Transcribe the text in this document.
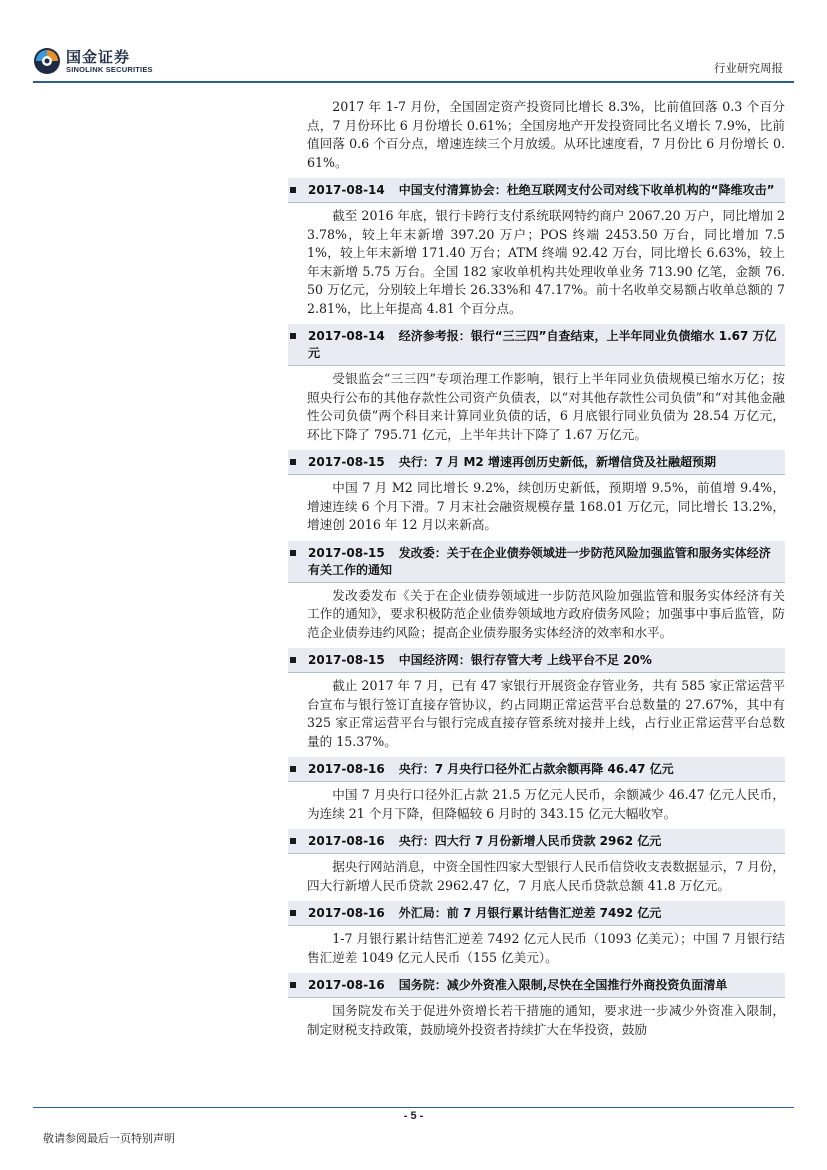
国金证券
SINOLINK SECURITIES	行业研究周报

2017 年 1-7 月份，全国固定资产投资同比增长 8.3%，比前值回落 0.3 个百分点，7 月份环比 6 月份增长 0.61%；全国房地产开发投资同比名义增长 7.9%，比前值回落 0.6 个百分点，增速连续三个月放缓。从环比速度看，7 月份比 6 月份增长 0.61%。

2017-08-14 中国支付清算协会：杜绝互联网支付公司对线下收单机构的“降维攻击”

截至 2016 年底，银行卡跨行支付系统联网特约商户 2067.20 万户，同比增加 23.78%，较上年末新增 397.20 万户；POS 终端 2453.50 万台，同比增加 7.51%，较上年末新增 171.40 万台；ATM 终端 92.42 万台，同比增长 6.63%，较上年末新增 5.75 万台。全国 182 家收单机构共处理收单业务 713.90 亿笔，金额 76.50 万亿元，分别较上年增长 26.33%和 47.17%。前十名收单交易额占收单总额的 72.81%，比上年提高 4.81 个百分点。

2017-08-14 经济参考报：银行“三三四”自查结束，上半年同业负债缩水 1.67 万亿元

受银监会“三三四”专项治理工作影响，银行上半年同业负债规模已缩水万亿；按照央行公布的其他存款性公司资产负债表，以“对其他存款性公司负债”和“对其他金融性公司负债”两个科目来计算同业负债的话，6 月底银行同业负债为 28.54 万亿元，环比下降了 795.71 亿元，上半年共计下降了 1.67 万亿元。

2017-08-15 央行：7 月 M2 增速再创历史新低，新增信贷及社融超预期

中国 7 月 M2 同比增长 9.2%，续创历史新低，预期增 9.5%，前值增 9.4%，增速连续 6 个月下滑。7 月末社会融资规模存量 168.01 万亿元，同比增长 13.2%，增速创 2016 年 12 月以来新高。

2017-08-15 发改委：关于在企业债券领域进一步防范风险加强监管和服务实体经济有关工作的通知

发改委发布《关于在企业债券领域进一步防范风险加强监管和服务实体经济有关工作的通知》，要求积极防范企业债券领域地方政府债务风险；加强事中事后监管，防范企业债券违约风险；提高企业债券服务实体经济的效率和水平。

2017-08-15 中国经济网：银行存管大考 上线平台不足 20%

截止 2017 年 7 月，已有 47 家银行开展资金存管业务，共有 585 家正常运营平台宣布与银行签订直接存管协议，约占同期正常运营平台总数量的 27.67%，其中有 325 家正常运营平台与银行完成直接存管系统对接并上线，占行业正常运营平台总数量的 15.37%。

2017-08-16 央行：7 月央行口径外汇占款余额再降 46.47 亿元

中国 7 月央行口径外汇占款 21.5 万亿元人民币，余额减少 46.47 亿元人民币，为连续 21 个月下降，但降幅较 6 月时的 343.15 亿元大幅收窄。

2017-08-16 央行：四大行 7 月份新增人民币贷款 2962 亿元

据央行网站消息，中资全国性四家大型银行人民币信贷收支表数据显示，7 月份，四大行新增人民币贷款 2962.47 亿，7 月底人民币贷款总额 41.8 万亿元。

2017-08-16 外汇局：前 7 月银行累计结售汇逆差 7492 亿元

1-7 月银行累计结售汇逆差 7492 亿元人民币（1093 亿美元）；中国 7 月银行结售汇逆差 1049 亿元人民币（155 亿美元）。

2017-08-16 国务院：减少外资准入限制,尽快在全国推行外商投资负面清单

国务院发布关于促进外资增长若干措施的通知，要求进一步减少外资准入限制，制定财税支持政策，鼓励境外投资者持续扩大在华投资，鼓励

- 5 -
敬请参阅最后一页特别声明
